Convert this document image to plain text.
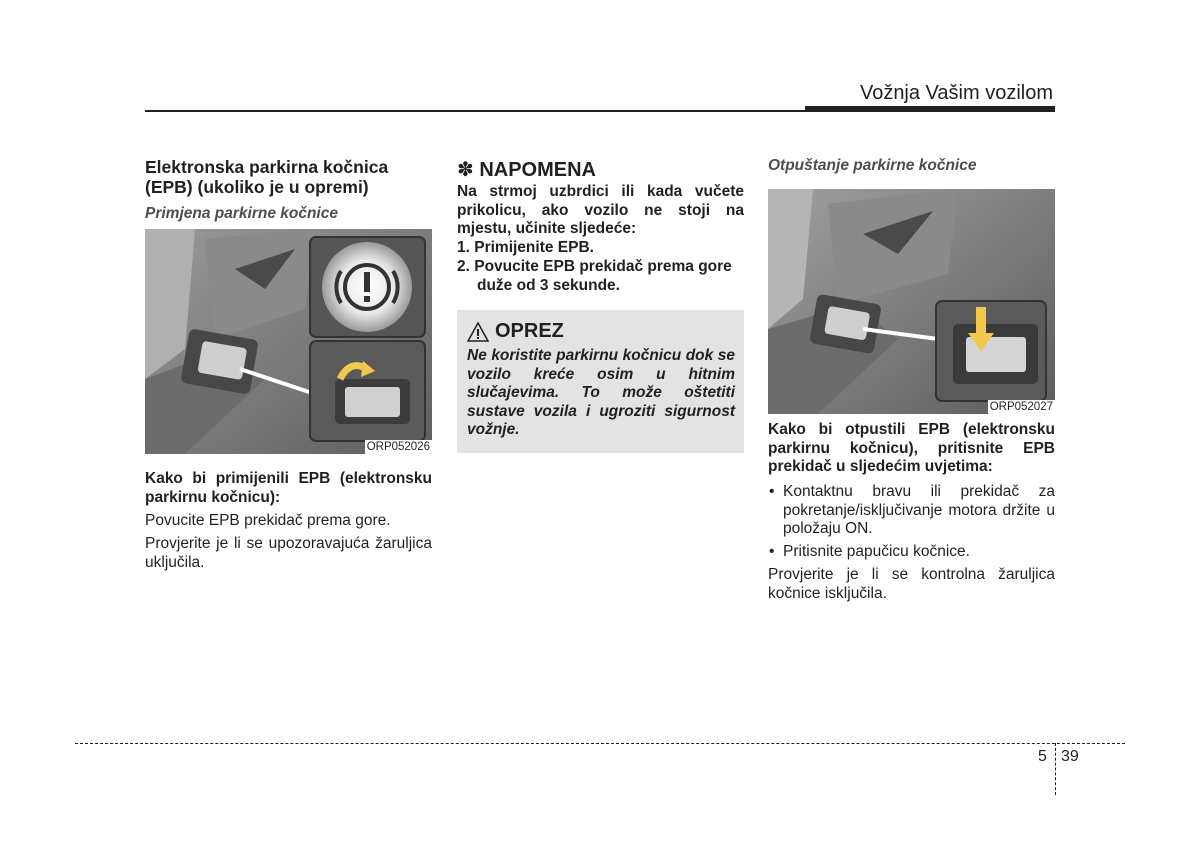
Vožnja Vašim vozilom
Elektronska parkirna kočnica (EPB) (ukoliko je u opremi)
Primjena parkirne kočnice
ORP052026
Kako bi primijenili EPB (elektronsku parkirnu kočnicu):
Povucite EPB prekidač prema gore.
Provjerite je li se upozoravajuća žaruljica uključila.
✽ NAPOMENA
Na strmoj uzbrdici ili kada vučete prikolicu, ako vozilo ne stoji na mjestu, učinite sljedeće:
1. Primijenite EPB.
2. Povucite EPB prekidač prema gore duže od 3 sekunde.
OPREZ
Ne koristite parkirnu kočnicu dok se vozilo kreće osim u hitnim slučajevima. To može oštetiti sustave vozila i ugroziti sigurnost vožnje.
Otpuštanje parkirne kočnice
ORP052027
Kako bi otpustili EPB (elektronsku parkirnu kočnicu), pritisnite EPB prekidač u sljedećim uvjetima:
• Kontaktnu bravu ili prekidač za pokretanje/isključivanje motora držite u položaju ON.
• Pritisnite papučicu kočnice.
Provjerite je li se kontrolna žaruljica kočnice isključila.
5 39
